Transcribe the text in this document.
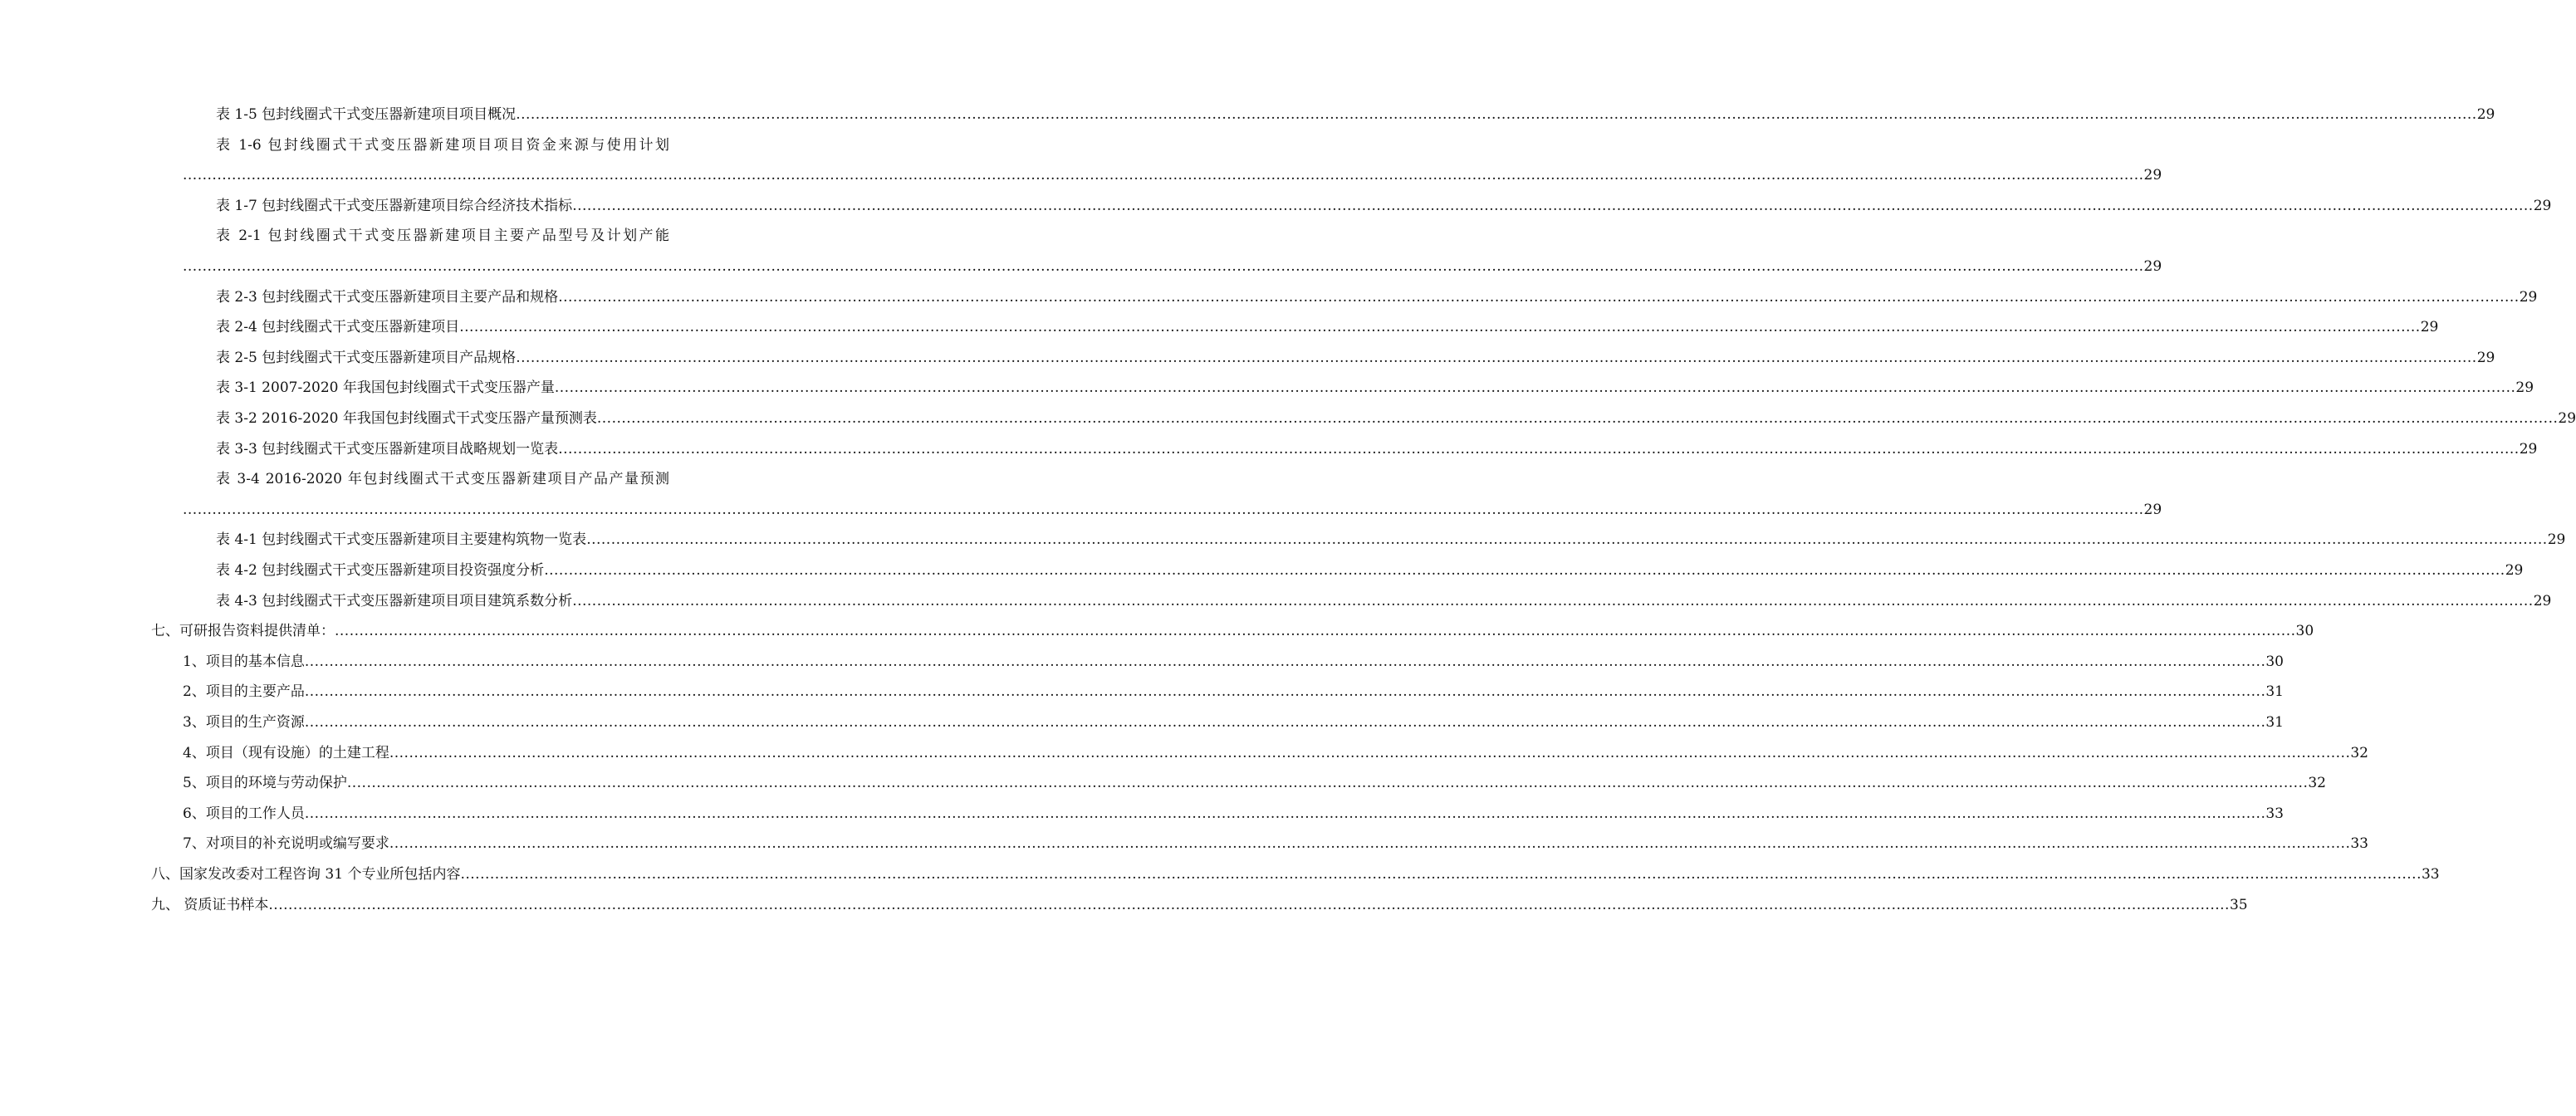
表 1-5 包封线圈式干式变压器新建项目项目概况 ................................................................................................................................................................................................................................................................................................................................................................................................................ 29
表 1-6 包封线圈式干式变压器新建项目项目资金来源与使用计划
................................................................................................................................................................................................................................................................................................................................................................................................................ 29
表 1-7 包封线圈式干式变压器新建项目综合经济技术指标 ................................................................................................................................................................................................................................................................................................................................................................................................................ 29
表 2-1 包封线圈式干式变压器新建项目主要产品型号及计划产能
................................................................................................................................................................................................................................................................................................................................................................................................................ 29
表 2-3 包封线圈式干式变压器新建项目主要产品和规格 ................................................................................................................................................................................................................................................................................................................................................................................................................ 29
表 2-4 包封线圈式干式变压器新建项目 ................................................................................................................................................................................................................................................................................................................................................................................................................ 29
表 2-5 包封线圈式干式变压器新建项目产品规格 ................................................................................................................................................................................................................................................................................................................................................................................................................ 29
表 3-1 2007-2020 年我国包封线圈式干式变压器产量 ................................................................................................................................................................................................................................................................................................................................................................................................................ 29
表 3-2 2016-2020 年我国包封线圈式干式变压器产量预测表 ................................................................................................................................................................................................................................................................................................................................................................................................................ 29
表 3-3 包封线圈式干式变压器新建项目战略规划一览表 ................................................................................................................................................................................................................................................................................................................................................................................................................ 29
表 3-4 2016-2020 年包封线圈式干式变压器新建项目产品产量预测
................................................................................................................................................................................................................................................................................................................................................................................................................ 29
表 4-1 包封线圈式干式变压器新建项目主要建构筑物一览表 ................................................................................................................................................................................................................................................................................................................................................................................................................ 29
表 4-2 包封线圈式干式变压器新建项目投资强度分析 ................................................................................................................................................................................................................................................................................................................................................................................................................ 29
表 4-3 包封线圈式干式变压器新建项目项目建筑系数分析 ................................................................................................................................................................................................................................................................................................................................................................................................................ 29
七、可研报告资料提供清单： ................................................................................................................................................................................................................................................................................................................................................................................................................ 30
1、项目的基本信息 ................................................................................................................................................................................................................................................................................................................................................................................................................ 30
2、项目的主要产品 ................................................................................................................................................................................................................................................................................................................................................................................................................ 31
3、项目的生产资源 ................................................................................................................................................................................................................................................................................................................................................................................................................ 31
4、项目（现有设施）的土建工程 ................................................................................................................................................................................................................................................................................................................................................................................................................ 32
5、项目的环境与劳动保护 ................................................................................................................................................................................................................................................................................................................................................................................................................ 32
6、项目的工作人员 ................................................................................................................................................................................................................................................................................................................................................................................................................ 33
7、对项目的补充说明或编写要求 ................................................................................................................................................................................................................................................................................................................................................................................................................ 33
八、国家发改委对工程咨询 31 个专业所包括内容 ................................................................................................................................................................................................................................................................................................................................................................................................................ 33
九、 资质证书样本 ................................................................................................................................................................................................................................................................................................................................................................................................................ 35
